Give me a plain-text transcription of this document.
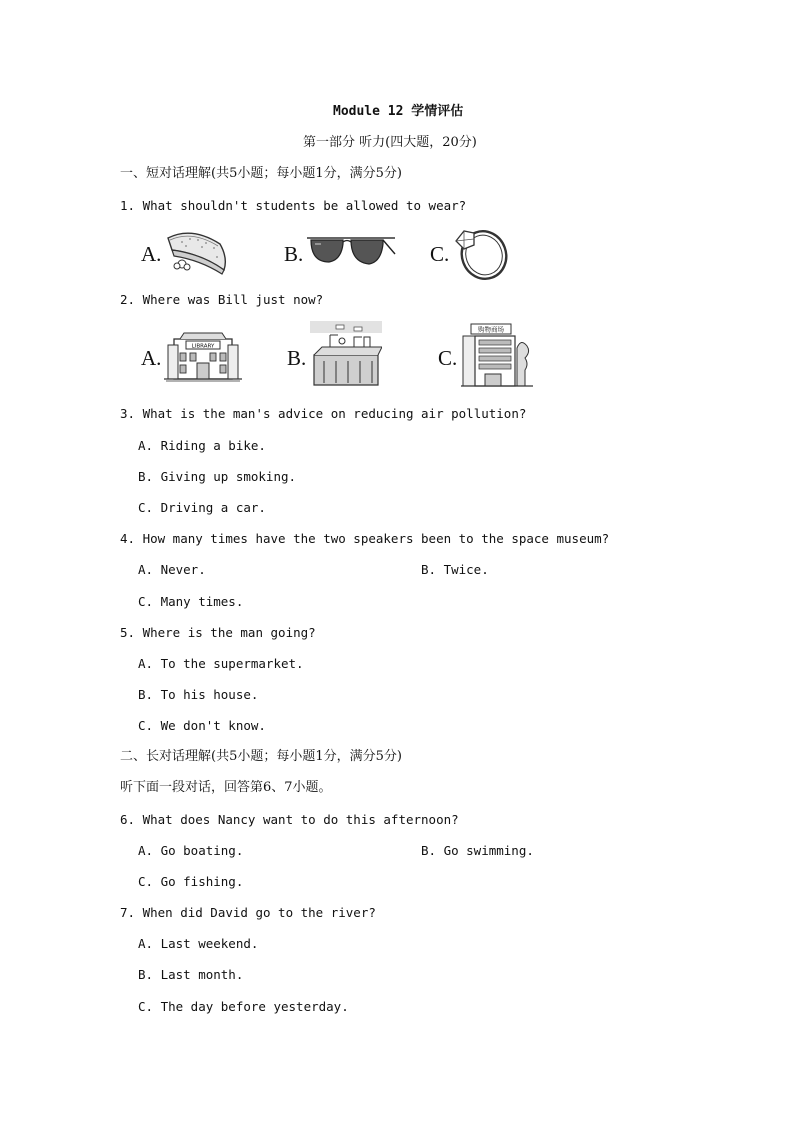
Module 12 学情评估
第一部分 听力(四大题，20分)
一、短对话理解(共5小题；每小题1分，满分5分)
1. What shouldn't students be allowed to wear?
A.	B.	C.
2. Where was Bill just now?
A.	LIBRARY	B.	C.
购物商场
3. What is the man's advice on reducing air pollution?
A. Riding a bike.
B. Giving up smoking.
C. Driving a car.
4. How many times have the two speakers been to the space museum?
A. Never.	B. Twice.
C. Many times.
5. Where is the man going?
A. To the supermarket.
B. To his house.
C. We don't know.
二、长对话理解(共5小题；每小题1分，满分5分)
听下面一段对话，回答第6、7小题。
6. What does Nancy want to do this afternoon?
A. Go boating.	B. Go swimming.
C. Go fishing.
7. When did David go to the river?
A. Last weekend.
B. Last month.
C. The day before yesterday.
